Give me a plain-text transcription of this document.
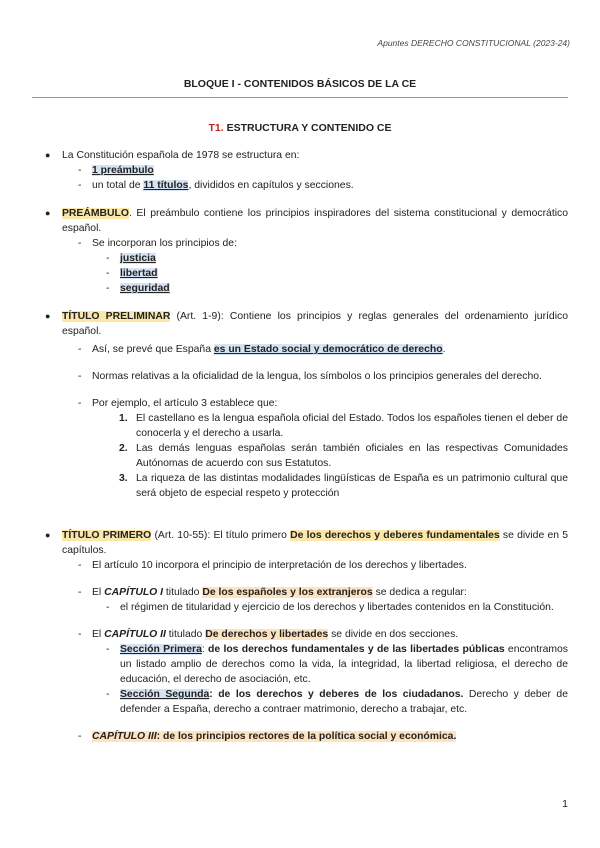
Apuntes DERECHO CONSTITUCIONAL (2023-24)
BLOQUE I - CONTENIDOS BÁSICOS DE LA CE
T1. ESTRUCTURA Y CONTENIDO CE
● La Constitución española de 1978 se estructura en:
- 1 preámbulo
- un total de 11 títulos, divididos en capítulos y secciones.
● PREÁMBULO. El preámbulo contiene los principios inspiradores del sistema constitucional y democrático español.
- Se incorporan los principios de:
- justicia
- libertad
- seguridad
● TÍTULO PRELIMINAR (Art. 1-9): Contiene los principios y reglas generales del ordenamiento jurídico español.
- Así, se prevé que España es un Estado social y democrático de derecho.
- Normas relativas a la oficialidad de la lengua, los símbolos o los principios generales del derecho.
- Por ejemplo, el artículo 3 establece que:
1. El castellano es la lengua española oficial del Estado. Todos los españoles tienen el deber de conocerla y el derecho a usarla.
2. Las demás lenguas españolas serán también oficiales en las respectivas Comunidades Autónomas de acuerdo con sus Estatutos.
3. La riqueza de las distintas modalidades lingüísticas de España es un patrimonio cultural que será objeto de especial respeto y protección
● TÍTULO PRIMERO (Art. 10-55): El título primero De los derechos y deberes fundamentales se divide en 5 capítulos.
- El artículo 10 incorpora el principio de interpretación de los derechos y libertades.
- El CAPÍTULO I titulado De los españoles y los extranjeros se dedica a regular:
- el régimen de titularidad y ejercicio de los derechos y libertades contenidos en la Constitución.
- El CAPÍTULO II titulado De derechos y libertades se divide en dos secciones.
- Sección Primera: de los derechos fundamentales y de las libertades públicas encontramos un listado amplio de derechos como la vida, la integridad, la libertad religiosa, el derecho de educación, el derecho de asociación, etc.
- Sección Segunda: de los derechos y deberes de los ciudadanos. Derecho y deber de defender a España, derecho a contraer matrimonio, derecho a trabajar, etc.
- CAPÍTULO III: de los principios rectores de la política social y económica.
1
